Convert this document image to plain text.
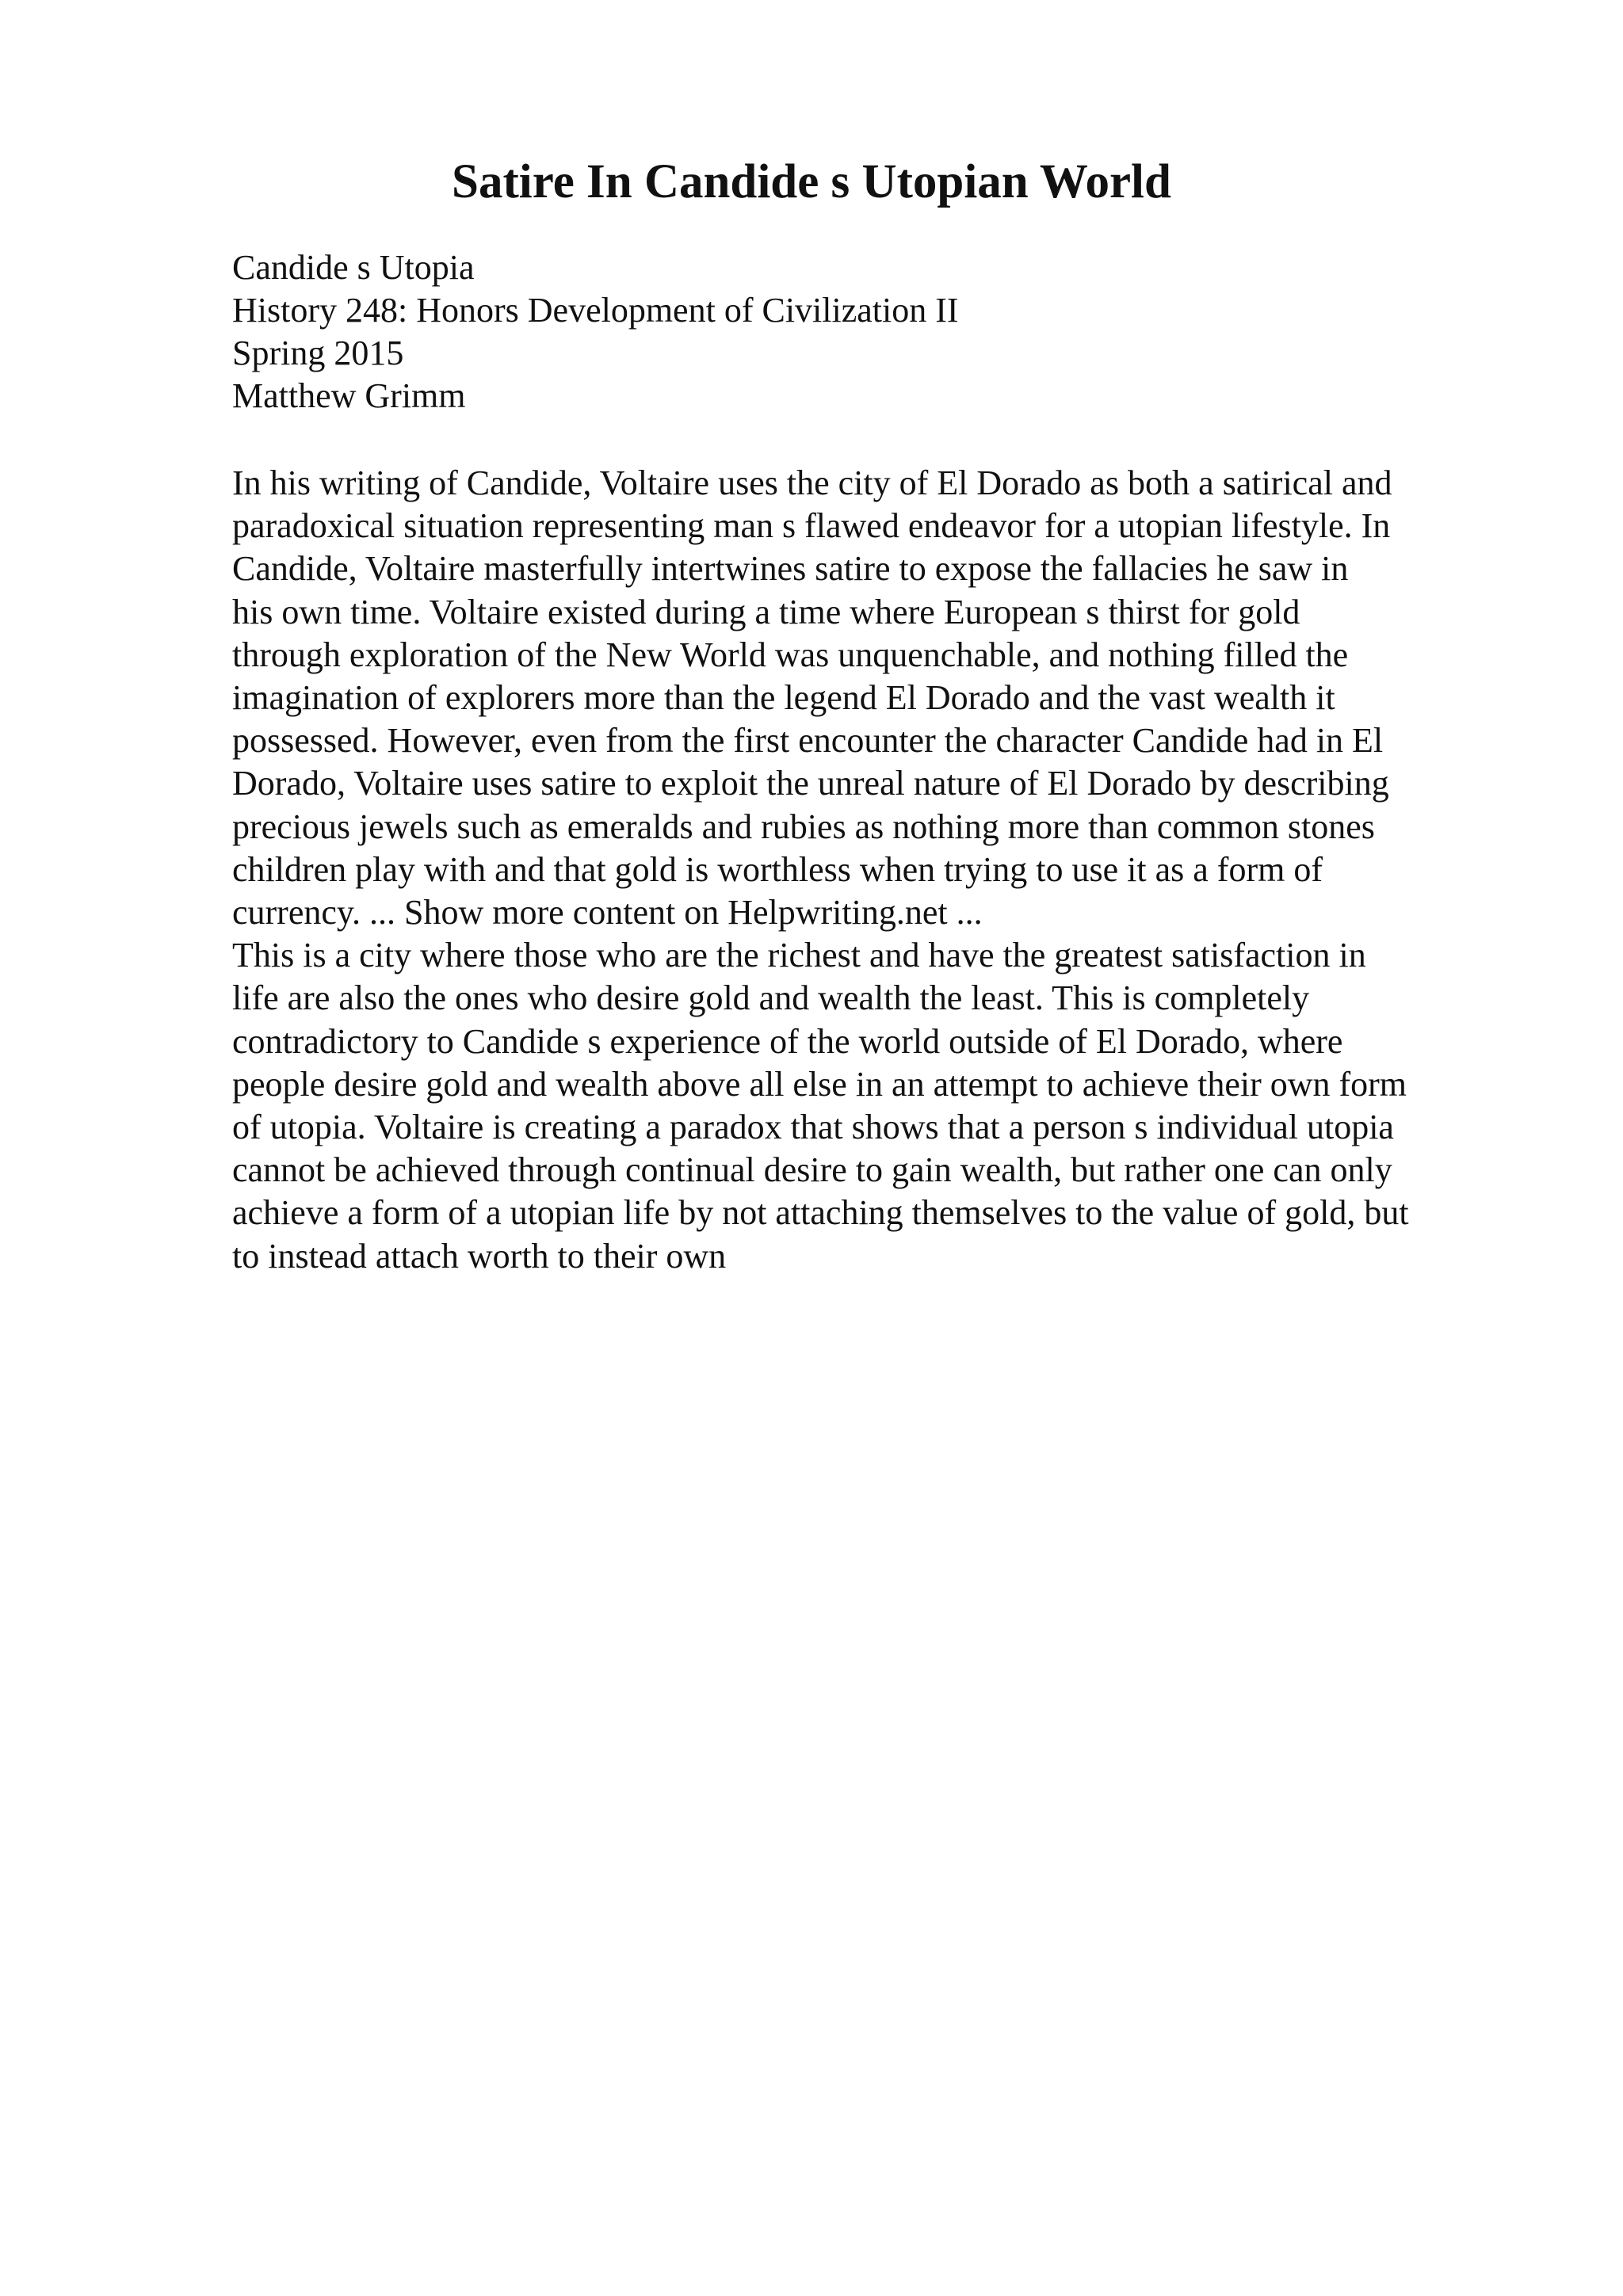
Satire In Candide s Utopian World
Candide s Utopia
History 248: Honors Development of Civilization II
Spring 2015
Matthew Grimm
In his writing of Candide, Voltaire uses the city of El Dorado as both a satirical and
paradoxical situation representing man s flawed endeavor for a utopian lifestyle. In
Candide, Voltaire masterfully intertwines satire to expose the fallacies he saw in
his own time. Voltaire existed during a time where European s thirst for gold
through exploration of the New World was unquenchable, and nothing filled the
imagination of explorers more than the legend El Dorado and the vast wealth it
possessed. However, even from the first encounter the character Candide had in El
Dorado, Voltaire uses satire to exploit the unreal nature of El Dorado by describing
precious jewels such as emeralds and rubies as nothing more than common stones
children play with and that gold is worthless when trying to use it as a form of
currency. ... Show more content on Helpwriting.net ...
This is a city where those who are the richest and have the greatest satisfaction in
life are also the ones who desire gold and wealth the least. This is completely
contradictory to Candide s experience of the world outside of El Dorado, where
people desire gold and wealth above all else in an attempt to achieve their own form
of utopia. Voltaire is creating a paradox that shows that a person s individual utopia
cannot be achieved through continual desire to gain wealth, but rather one can only
achieve a form of a utopian life by not attaching themselves to the value of gold, but
to instead attach worth to their own
